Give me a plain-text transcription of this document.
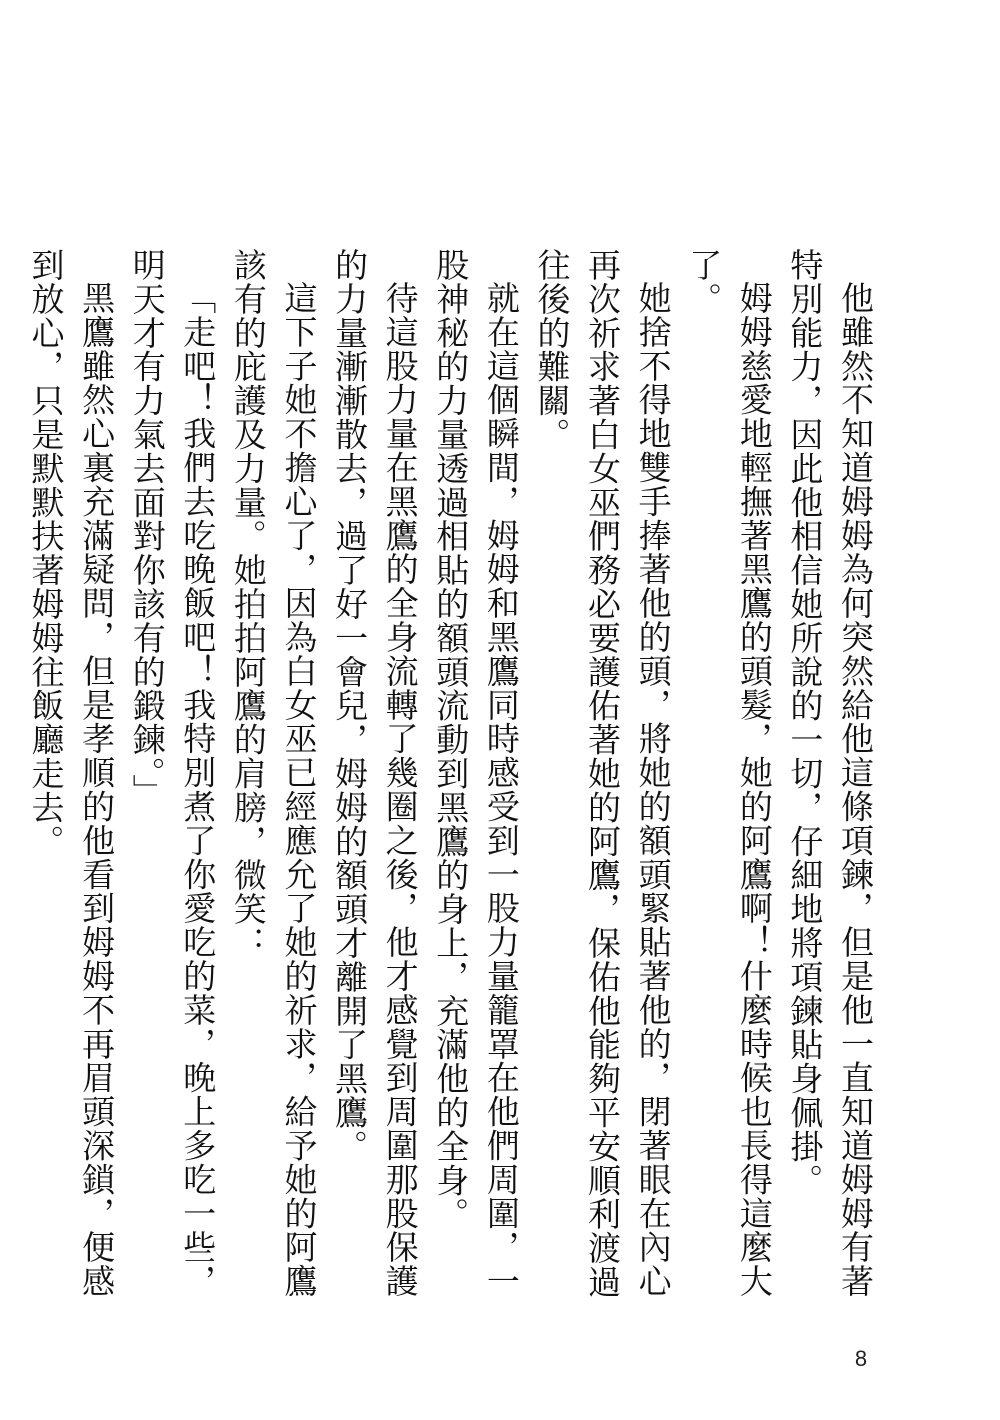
他雖然不知道姆姆為何突然給他這條項鍊，但是他一直知道姆姆有著特別能力，因此他相信她所說的一切，仔細地將項鍊貼身佩掛。

姆姆慈愛地輕撫著黑鷹的頭髮，她的阿鷹啊！什麼時候也長得這麼大了。

她捨不得地雙手捧著他的頭，將她的額頭緊貼著他的，閉著眼在內心再次祈求著白女巫們務必要護佑著她的阿鷹，保佑他能夠平安順利渡過往後的難關。

就在這個瞬間，姆姆和黑鷹同時感受到一股力量籠罩在他們周圍，一股神秘的力量透過相貼的額頭流動到黑鷹的身上，充滿他的全身。

待這股力量在黑鷹的全身流轉了幾圈之後，他才感覺到周圍那股保護的力量漸漸散去，過了好一會兒，姆姆的額頭才離開了黑鷹。

這下子她不擔心了，因為白女巫已經應允了她的祈求，給予她的阿鷹該有的庇護及力量。她拍拍阿鷹的肩膀，微笑：

「走吧！我們去吃晚飯吧！我特別煮了你愛吃的菜，晚上多吃一些，明天才有力氣去面對你該有的鍛鍊。」

黑鷹雖然心裏充滿疑問，但是孝順的他看到姆姆不再眉頭深鎖，便感到放心，只是默默扶著姆姆往飯廳走去。

8
